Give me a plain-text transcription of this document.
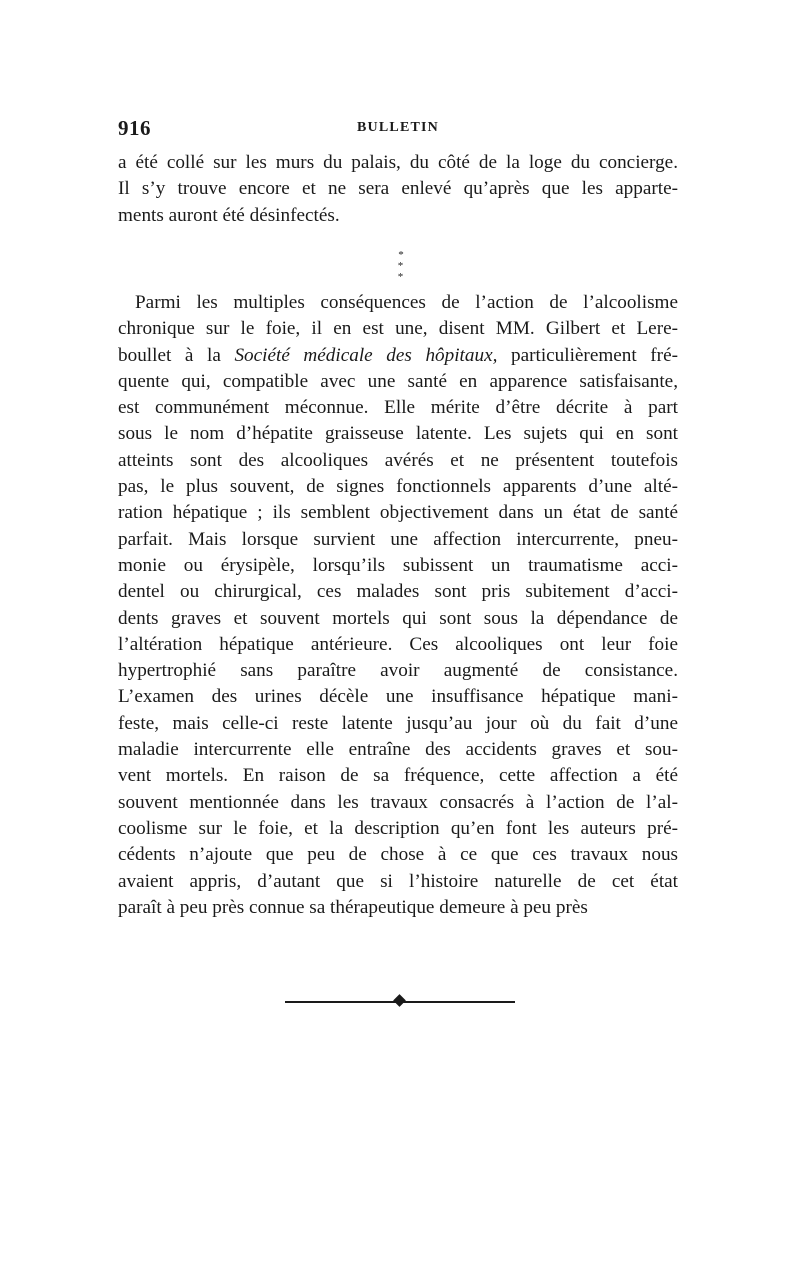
916	BULLETIN
a été collé sur les murs du palais, du côté de la loge du concierge.
Il s’y trouve encore et ne sera enlevé qu’après que les apparte-
ments auront été désinfectés.
*
* *
Parmi les multiples conséquences de l’action de l’alcoolisme
chronique sur le foie, il en est une, disent MM. Gilbert et Lere-
boullet à la Société médicale des hôpitaux, particulièrement fré-
quente qui, compatible avec une santé en apparence satisfaisante,
est communément méconnue. Elle mérite d’être décrite à part
sous le nom d’hépatite graisseuse latente. Les sujets qui en sont
atteints sont des alcooliques avérés et ne présentent toutefois
pas, le plus souvent, de signes fonctionnels apparents d’une alté-
ration hépatique ; ils semblent objectivement dans un état de santé
parfait. Mais lorsque survient une affection intercurrente, pneu-
monie ou érysipèle, lorsqu’ils subissent un traumatisme acci-
dentel ou chirurgical, ces malades sont pris subitement d’acci-
dents graves et souvent mortels qui sont sous la dépendance de
l’altération hépatique antérieure. Ces alcooliques ont leur foie
hypertrophié sans paraître avoir augmenté de consistance.
L’examen des urines décèle une insuffisance hépatique mani-
feste, mais celle-ci reste latente jusqu’au jour où du fait d’une
maladie intercurrente elle entraîne des accidents graves et sou-
vent mortels. En raison de sa fréquence, cette affection a été
souvent mentionnée dans les travaux consacrés à l’action de l’al-
coolisme sur le foie, et la description qu’en font les auteurs pré-
cédents n’ajoute que peu de chose à ce que ces travaux nous
avaient appris, d’autant que si l’histoire naturelle de cet état
paraît à peu près connue sa thérapeutique demeure à peu près
